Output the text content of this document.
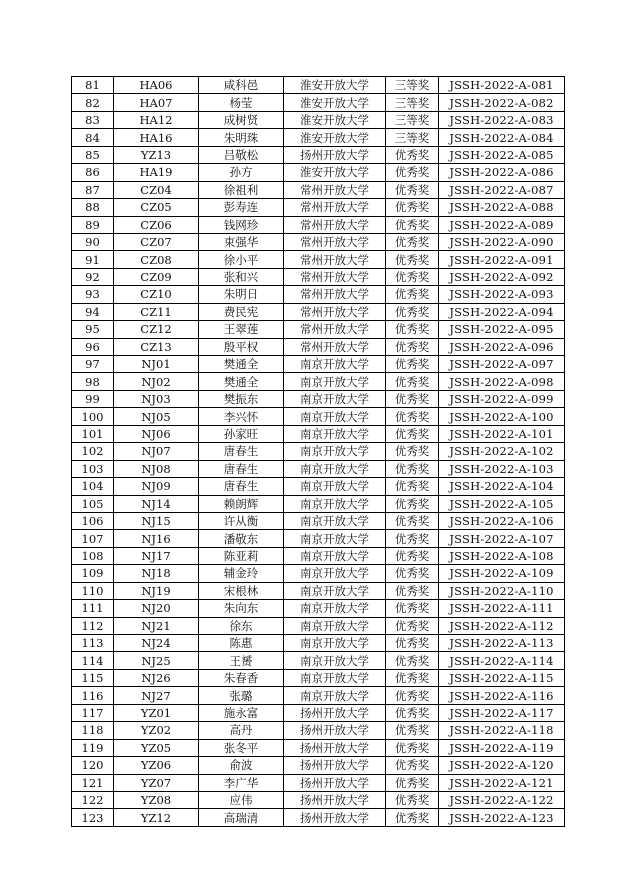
81	HA06	咸科邑	淮安开放大学	三等奖	JSSH-2022-A-081
82	HA07	杨莹	淮安开放大学	三等奖	JSSH-2022-A-082
83	HA12	成树贤	淮安开放大学	三等奖	JSSH-2022-A-083
84	HA16	朱明珠	淮安开放大学	三等奖	JSSH-2022-A-084
85	YZ13	吕敬松	扬州开放大学	优秀奖	JSSH-2022-A-085
86	HA19	孙方	淮安开放大学	优秀奖	JSSH-2022-A-086
87	CZ04	徐祖利	常州开放大学	优秀奖	JSSH-2022-A-087
88	CZ05	彭寿连	常州开放大学	优秀奖	JSSH-2022-A-088
89	CZ06	钱网珍	常州开放大学	优秀奖	JSSH-2022-A-089
90	CZ07	束强华	常州开放大学	优秀奖	JSSH-2022-A-090
91	CZ08	徐小平	常州开放大学	优秀奖	JSSH-2022-A-091
92	CZ09	张和兴	常州开放大学	优秀奖	JSSH-2022-A-092
93	CZ10	朱明日	常州开放大学	优秀奖	JSSH-2022-A-093
94	CZ11	费民宪	常州开放大学	优秀奖	JSSH-2022-A-094
95	CZ12	王翠莲	常州开放大学	优秀奖	JSSH-2022-A-095
96	CZ13	殷平权	常州开放大学	优秀奖	JSSH-2022-A-096
97	NJ01	樊通全	南京开放大学	优秀奖	JSSH-2022-A-097
98	NJ02	樊通全	南京开放大学	优秀奖	JSSH-2022-A-098
99	NJ03	樊振东	南京开放大学	优秀奖	JSSH-2022-A-099
100	NJ05	李兴怀	南京开放大学	优秀奖	JSSH-2022-A-100
101	NJ06	孙家旺	南京开放大学	优秀奖	JSSH-2022-A-101
102	NJ07	唐春生	南京开放大学	优秀奖	JSSH-2022-A-102
103	NJ08	唐春生	南京开放大学	优秀奖	JSSH-2022-A-103
104	NJ09	唐春生	南京开放大学	优秀奖	JSSH-2022-A-104
105	NJ14	赖朗辉	南京开放大学	优秀奖	JSSH-2022-A-105
106	NJ15	许从衡	南京开放大学	优秀奖	JSSH-2022-A-106
107	NJ16	潘敬东	南京开放大学	优秀奖	JSSH-2022-A-107
108	NJ17	陈亚莉	南京开放大学	优秀奖	JSSH-2022-A-108
109	NJ18	辅金玲	南京开放大学	优秀奖	JSSH-2022-A-109
110	NJ19	宋根林	南京开放大学	优秀奖	JSSH-2022-A-110
111	NJ20	朱向东	南京开放大学	优秀奖	JSSH-2022-A-111
112	NJ21	徐东	南京开放大学	优秀奖	JSSH-2022-A-112
113	NJ24	陈惠	南京开放大学	优秀奖	JSSH-2022-A-113
114	NJ25	王赟	南京开放大学	优秀奖	JSSH-2022-A-114
115	NJ26	朱春香	南京开放大学	优秀奖	JSSH-2022-A-115
116	NJ27	张璐	南京开放大学	优秀奖	JSSH-2022-A-116
117	YZ01	施永富	扬州开放大学	优秀奖	JSSH-2022-A-117
118	YZ02	高丹	扬州开放大学	优秀奖	JSSH-2022-A-118
119	YZ05	张冬平	扬州开放大学	优秀奖	JSSH-2022-A-119
120	YZ06	俞波	扬州开放大学	优秀奖	JSSH-2022-A-120
121	YZ07	李广华	扬州开放大学	优秀奖	JSSH-2022-A-121
122	YZ08	应伟	扬州开放大学	优秀奖	JSSH-2022-A-122
123	YZ12	高瑞清	扬州开放大学	优秀奖	JSSH-2022-A-123
